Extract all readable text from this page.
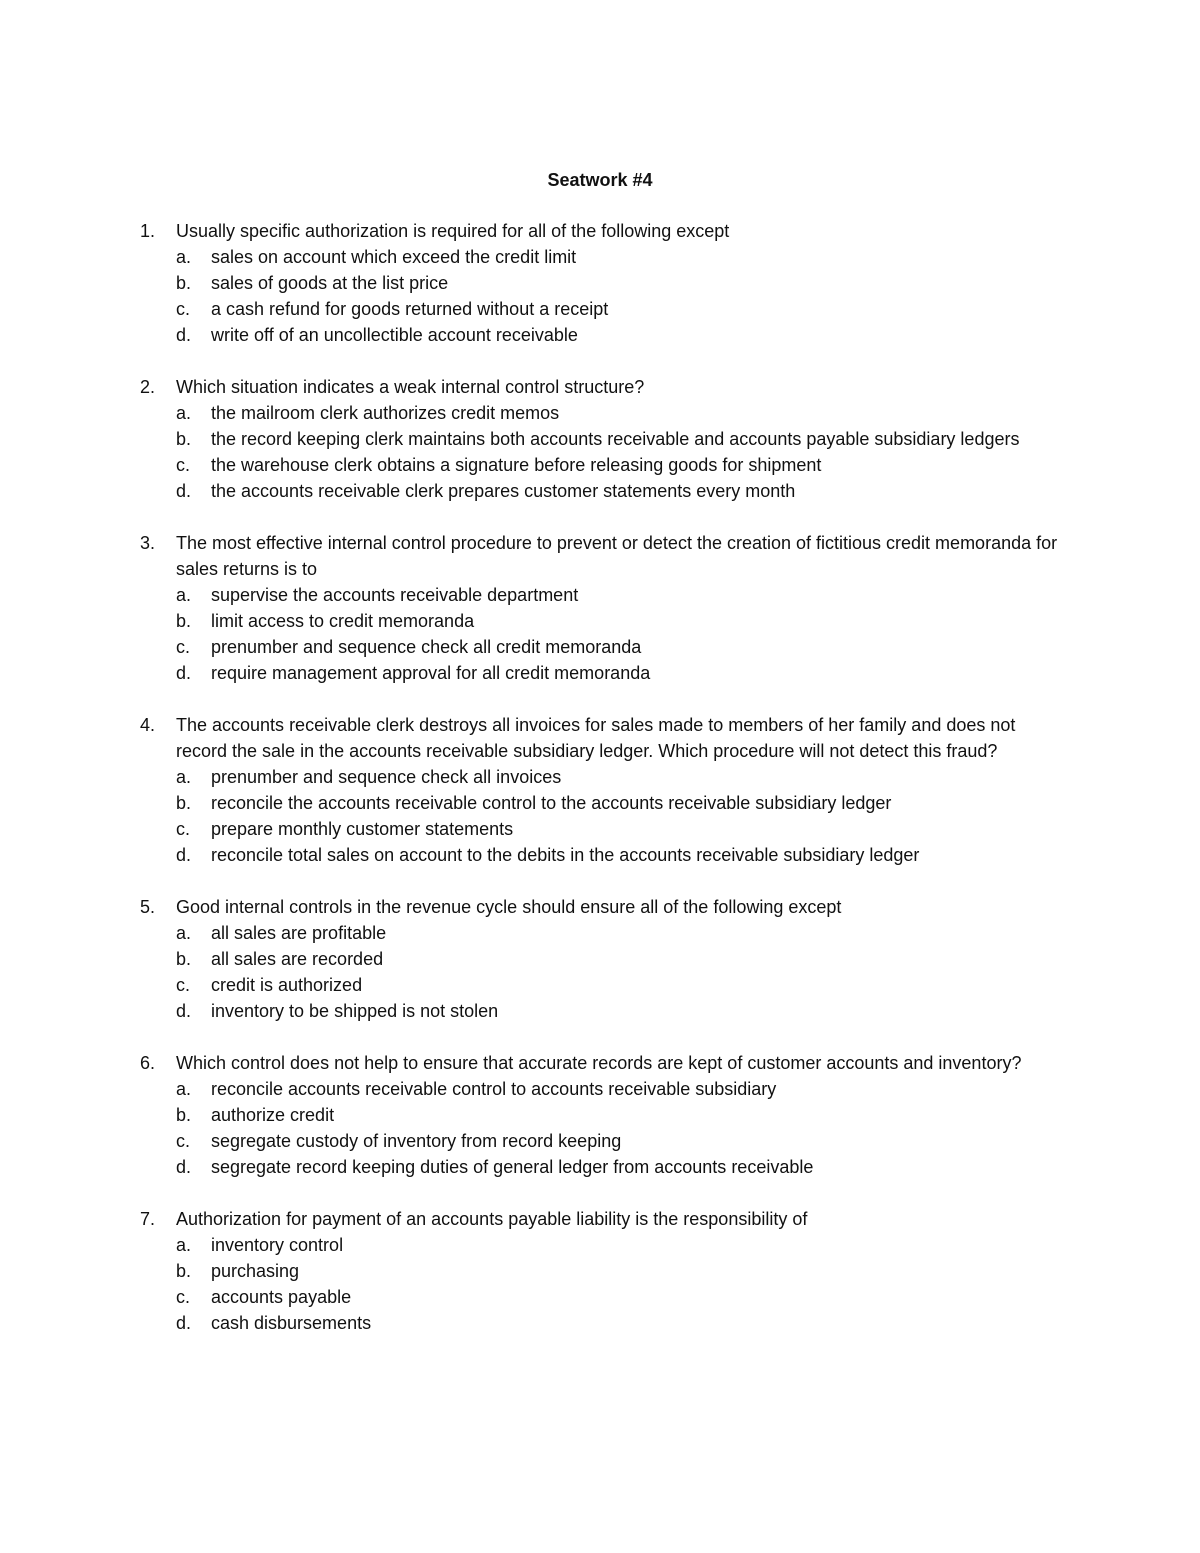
Seatwork #4
1.	Usually specific authorization is required for all of the following except
a. sales on account which exceed the credit limit
b. sales of goods at the list price
c. a cash refund for goods returned without a receipt
d. write off of an uncollectible account receivable
2.	Which situation indicates a weak internal control structure?
a. the mailroom clerk authorizes credit memos
b. the record keeping clerk maintains both accounts receivable and accounts payable subsidiary ledgers
c. the warehouse clerk obtains a signature before releasing goods for shipment
d. the accounts receivable clerk prepares customer statements every month
3.	The most effective internal control procedure to prevent or detect the creation of fictitious credit memoranda for sales returns is to
a. supervise the accounts receivable department
b. limit access to credit memoranda
c. prenumber and sequence check all credit memoranda
d. require management approval for all credit memoranda
4.	The accounts receivable clerk destroys all invoices for sales made to members of her family and does not record the sale in the accounts receivable subsidiary ledger. Which procedure will not detect this fraud?
a. prenumber and sequence check all invoices
b. reconcile the accounts receivable control to the accounts receivable subsidiary ledger
c. prepare monthly customer statements
d. reconcile total sales on account to the debits in the accounts receivable subsidiary ledger
5.	Good internal controls in the revenue cycle should ensure all of the following except
a. all sales are profitable
b. all sales are recorded
c. credit is authorized
d. inventory to be shipped is not stolen
6.	Which control does not help to ensure that accurate records are kept of customer accounts and inventory?
a. reconcile accounts receivable control to accounts receivable subsidiary
b. authorize credit
c. segregate custody of inventory from record keeping
d. segregate record keeping duties of general ledger from accounts receivable
7.	Authorization for payment of an accounts payable liability is the responsibility of
a. inventory control
b. purchasing
c. accounts payable
d. cash disbursements
